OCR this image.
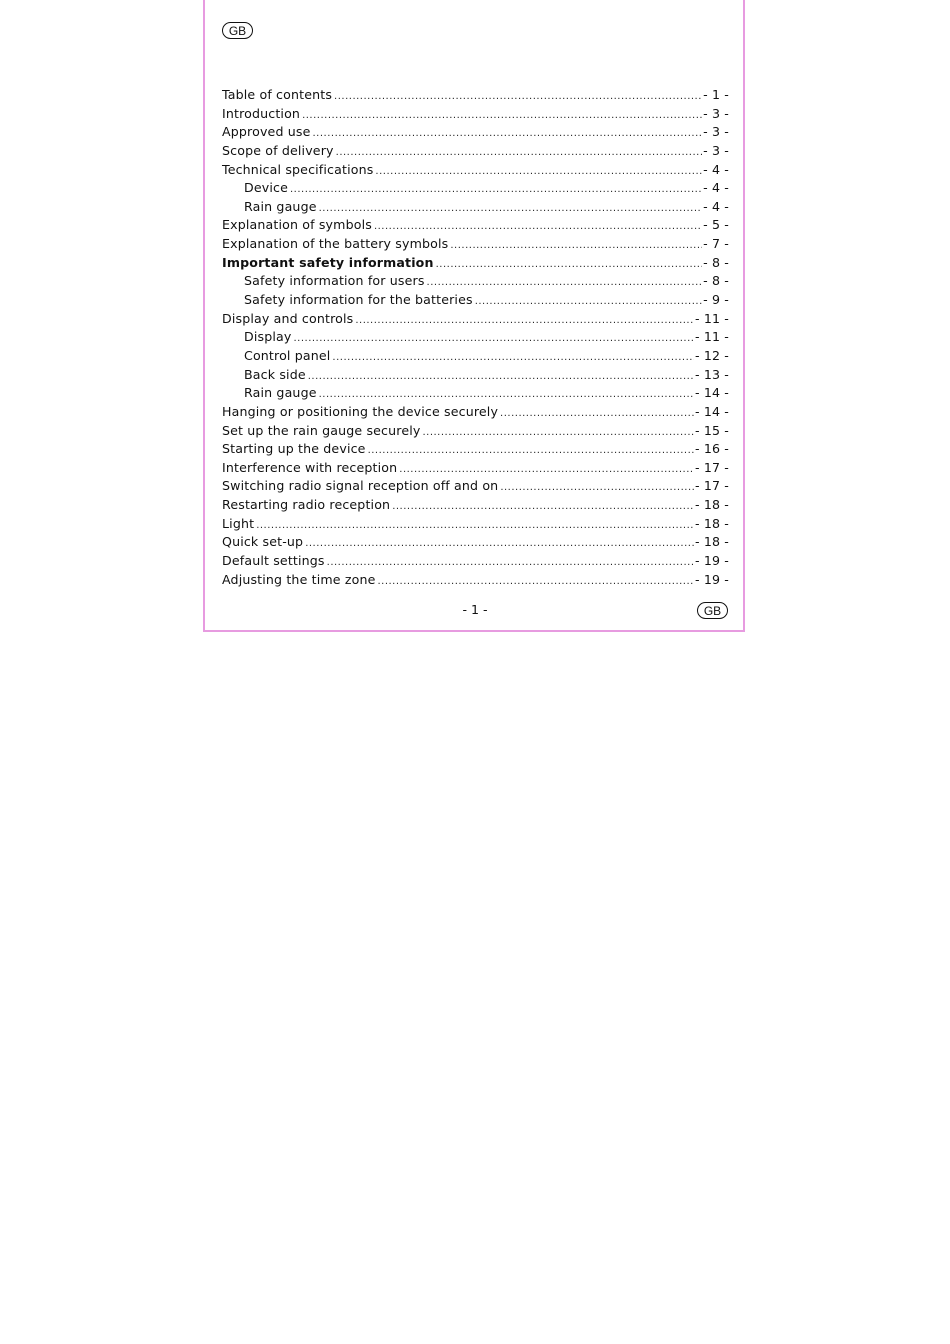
GB
Table of contents .....	- 1 -
Introduction .....	- 3 -
Approved use .....	- 3 -
Scope of delivery .....	- 3 -
Technical specifications .....	- 4 -
Device .....	- 4 -
Rain gauge .....	- 4 -
Explanation of symbols .....	- 5 -
Explanation of the battery symbols .....	- 7 -
Important safety information .....	- 8 -
Safety information for users .....	- 8 -
Safety information for the batteries .....	- 9 -
Display and controls .....	- 11 -
Display .....	- 11 -
Control panel .....	- 12 -
Back side .....	- 13 -
Rain gauge .....	- 14 -
Hanging or positioning the device securely .....	- 14 -
Set up the rain gauge securely .....	- 15 -
Starting up the device .....	- 16 -
Interference with reception .....	- 17 -
Switching radio signal reception off and on .....	- 17 -
Restarting radio reception .....	- 18 -
Light .....	- 18 -
Quick set-up .....	- 18 -
Default settings .....	- 19 -
Adjusting the time zone .....	- 19 -
- 1 -	GB
